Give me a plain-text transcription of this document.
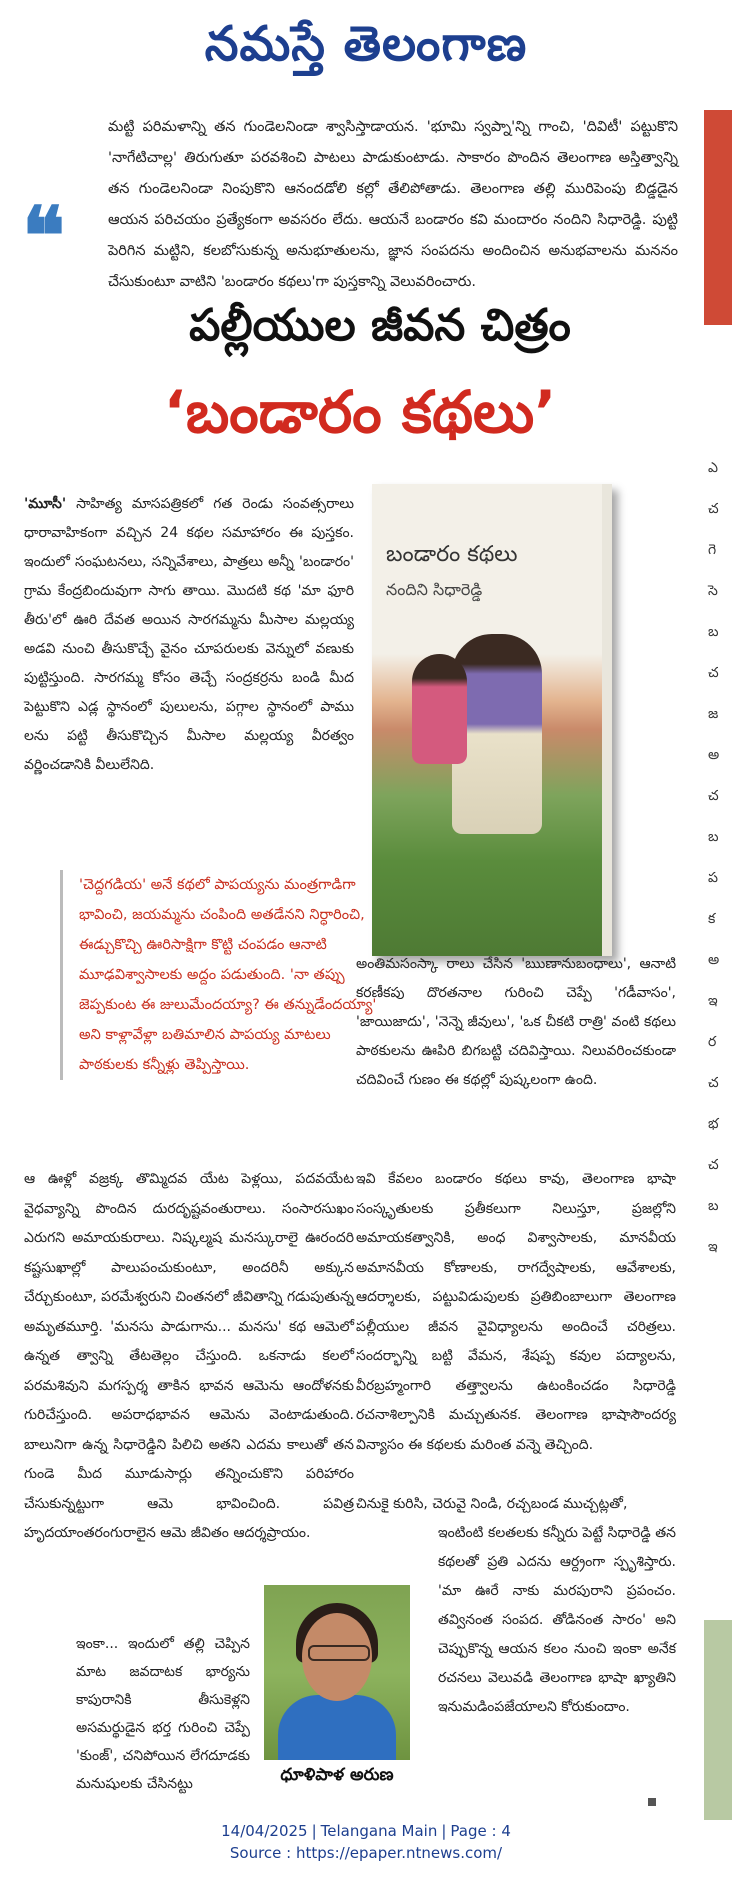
నమస్తే తెలంగాణ
ఎ
చ
గె
సె
బ
చ
జ
అ
చ
బ
ప
క
అ
ఇ
ర
చ
భ
చ
బ
ఇ
❝
మట్టి పరిమళాన్ని తన గుండెలనిండా శ్వాసిస్తాడాయన. 'భూమి స్వప్నా'న్ని గాంచి, 'దివిటీ' పట్టుకొని 'నాగేటిచాల్ల' తిరుగుతూ పరవశించి పాటలు పాడుకుంటాడు. సాకారం పొందిన తెలంగాణ అస్తిత్వాన్ని తన గుండెలనిండా నింపుకొని ఆనందడోలి కల్లో తేలిపోతాడు. తెలంగాణ తల్లి మురిపెంపు బిడ్డడైన ఆయన పరిచయం ప్రత్యేకంగా అవసరం లేదు. ఆయనే బండారం కవి మందారం నందిని సిధారెడ్డి. పుట్టి పెరిగిన మట్టిని, కలబోసుకున్న అనుభూతులను, జ్ఞాన సంపదను అందించిన అనుభవాలను మననం చేసుకుంటూ వాటిని 'బండారం కథలు'గా పుస్తకాన్ని వెలువరించారు.
పల్లీయుల జీవన చిత్రం
‘బండారం కథలు’
'మూసీ' సాహిత్య మాసపత్రికలో గత రెండు సంవత్సరాలు ధారావాహికంగా వచ్చిన 24 కథల సమాహారం ఈ పుస్తకం. ఇందులో సంఘటనలు, సన్నివేశాలు, పాత్రలు అన్నీ 'బండారం' గ్రామ కేంద్రబిందువుగా సాగు తాయి. మొదటి కథ 'మా ఫూరి తీరు'లో ఊరి దేవత అయిన సారగమ్మను మీసాల మల్లయ్య అడవి నుంచి తీసుకొచ్చే వైనం చూపరులకు వెన్నులో వణుకు పుట్టిస్తుంది. సారగమ్మ కోసం తెచ్చే సంద్రకర్రను బండి మీద పెట్టుకొని ఎడ్ల స్థానంలో పులులను, పగ్గాల స్థానంలో పాము లను పట్టి తీసుకొచ్చిన మీసాల మల్లయ్య వీరత్వం వర్ణించడానికి వీలులేనిది.
'చెద్దగడియ' అనే కథలో పాపయ్యను మంత్రగాడిగా భావించి, జయమ్మను చంపింది అతడేనని నిర్ధారించి, ఈడ్చుకొచ్చి ఊరిసాక్షిగా కొట్టి చంపడం ఆనాటి మూఢవిశ్వాసాలకు అద్దం పడుతుంది. 'నా తప్పు జెప్పకుంట ఈ జులుమేందయ్యా? ఈ తన్నుడేందయ్యా' అని కాళ్లావేళ్లా బతిమాలిన పాపయ్య మాటలు పాఠకులకు కన్నీళ్లు తెప్పిస్తాయి.
బండారం కథలు
నందిని సిధారెడ్డి
అంతిమసంస్కా రాలు చేసిన 'ఋణానుబంధాలు', ఆనాటి కరణీకపు దొరతనాల గురించి చెప్పే 'గడీవాసం', 'జాయిజాదు', 'నెన్నె జీవులు', 'ఒక చీకటి రాత్రి' వంటి కథలు పాఠకులను ఊపిరి బిగబట్టి చదివిస్తాయి. నిలువరించకుండా చదివించే గుణం ఈ కథల్లో పుష్కలంగా ఉంది.
ఆ ఊళ్లో వజ్రక్క తొమ్మిదవ యేట పెళ్లయి, పదవయేట వైధవ్యాన్ని పొందిన దురదృష్టవంతురాలు. సంసారసుఖం ఎరుగని అమాయకురాలు. నిష్కల్మష మనస్కురాలై ఊరందరి కష్టసుఖాల్లో పాలుపంచుకుంటూ, అందరినీ అక్కున చేర్చుకుంటూ, పరమేశ్వరుని చింతనలో జీవితాన్ని గడుపుతున్న అమృతమూర్తి. 'మనసు పాడుగాను... మనసు' కథ ఆమెలో ఉన్నత త్వాన్ని తేటతెల్లం చేస్తుంది. ఒకనాడు కలలో పరమశివుని మగస్పర్శ తాకిన భావన ఆమెను ఆందోళనకు గురిచేస్తుంది. అపరాధభావన ఆమెను వెంటాడుతుంది. బాలునిగా ఉన్న సిధారెడ్డిని పిలిచి అతని ఎదమ కాలుతో తన గుండె మీద మూడుసార్లు తన్నించుకొని పరిహారం చేసుకున్నట్టుగా ఆమె భావించింది. పవిత్ర హృదయాంతరంగురాలైన ఆమె జీవితం ఆదర్శప్రాయం.
ఇవి కేవలం బండారం కథలు కావు, తెలంగాణ భాషా సంస్కృతులకు ప్రతీకలుగా నిలుస్తూ, ప్రజల్లోని అమాయకత్వానికి, అంధ విశ్వాసాలకు, మానవీయ అమానవీయ కోణాలకు, రాగద్వేషాలకు, ఆవేశాలకు, ఆదర్శాలకు, పట్టువిడుపులకు ప్రతిబింబాలుగా తెలంగాణ పల్లీయుల జీవన వైవిధ్యాలను అందించే చరిత్రలు. సందర్భాన్ని బట్టి వేమన, శేషప్ప కవుల పద్యాలను, వీరబ్రహ్మంగారి తత్త్వాలను ఉటంకించడం సిధారెడ్డి రచనాశిల్పానికి మచ్చుతునక. తెలంగాణ భాషాసౌందర్య విన్యాసం ఈ కథలకు మరింత వన్నె తెచ్చింది.
ఇంకా... ఇందులో తల్లి చెప్పిన మాట జవదాటక భార్యను కాపురానికి తీసుకెళ్లని అసమర్థుడైన భర్త గురించి చెప్పే 'కుంజ్', చనిపోయిన లేగదూడకు మనుషులకు చేసినట్టు
చినుకై కురిసి, చెరువై నిండి, రచ్చబండ ముచ్చట్లతో,
ఇంటింటి కలతలకు కన్నీరు పెట్టే సిధారెడ్డి తన కథలతో ప్రతి ఎదను ఆర్ద్రంగా స్పృశిస్తారు. 'మా ఊరే నాకు మరపురాని ప్రపంచం. తవ్వినంత సంపద. తోడినంత సారం' అని చెప్పుకొన్న ఆయన కలం నుంచి ఇంకా అనేక రచనలు వెలువడి తెలంగాణ భాషా ఖ్యాతిని ఇనుమడింపజేయాలని కోరుకుందాం.
ధూళిపాళ అరుణ
14/04/2025 | Telangana Main | Page : 4
Source : https://epaper.ntnews.com/
